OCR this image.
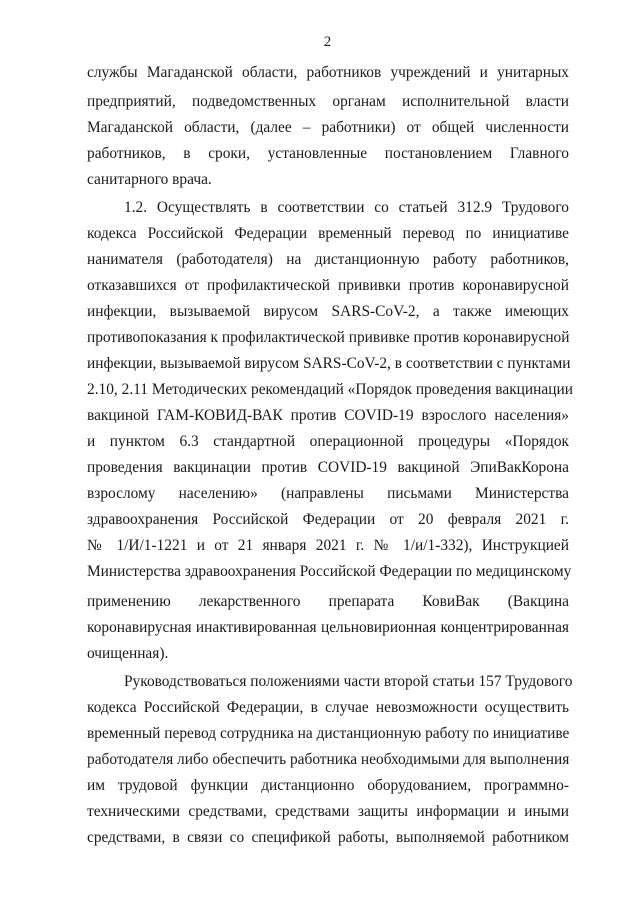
2
службы Магаданской области, работников учреждений и унитарных
предприятий, подведомственных органам исполнительной власти
Магаданской области, (далее – работники) от общей численности
работников, в сроки, установленные постановлением Главного
санитарного врача.
1.2. Осуществлять в соответствии со статьей 312.9 Трудового
кодекса Российской Федерации временный перевод по инициативе
нанимателя (работодателя) на дистанционную работу работников,
отказавшихся от профилактической прививки против коронавирусной
инфекции, вызываемой вирусом SARS-CoV-2, а также имеющих
противопоказания к профилактической прививке против коронавирусной
инфекции, вызываемой вирусом SARS-CoV-2, в соответствии с пунктами
2.10, 2.11 Методических рекомендаций «Порядок проведения вакцинации
вакциной ГАМ-КОВИД-ВАК против COVID-19 взрослого населения»
и пунктом 6.3 стандартной операционной процедуры «Порядок
проведения вакцинации против COVID-19 вакциной ЭпиВакКорона
взрослому населению» (направлены письмами Министерства
здравоохранения Российской Федерации от 20 февраля 2021 г.
№ 1/И/1-1221 и от 21 января 2021 г. № 1/и/1-332), Инструкцией
Министерства здравоохранения Российской Федерации по медицинскому
применению лекарственного препарата КовиВак (Вакцина
коронавирусная инактивированная цельновирионная концентрированная
очищенная).
Руководствоваться положениями части второй статьи 157 Трудового
кодекса Российской Федерации, в случае невозможности осуществить
временный перевод сотрудника на дистанционную работу по инициативе
работодателя либо обеспечить работника необходимыми для выполнения
им трудовой функции дистанционно оборудованием, программно-
техническими средствами, средствами защиты информации и иными
средствами, в связи со спецификой работы, выполняемой работником
